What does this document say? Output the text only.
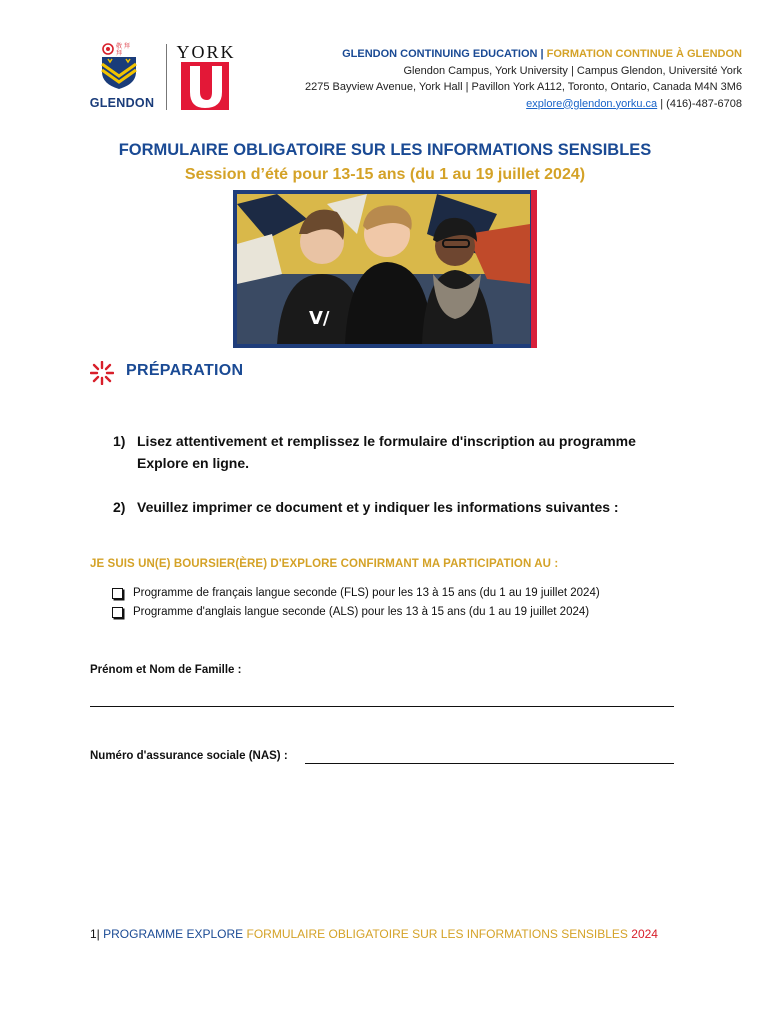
敬 拜
拜
GLENDON
YORK	GLENDON CONTINUING EDUCATION | FORMATION CONTINUE À GLENDON
Glendon Campus, York University | Campus Glendon, Université York
2275 Bayview Avenue, York Hall | Pavillon York A112, Toronto, Ontario, Canada M4N 3M6
explore@glendon.yorku.ca | (416)-487-6708
FORMULAIRE OBLIGATOIRE SUR LES INFORMATIONS SENSIBLES
Session d’été pour 13-15 ans (du 1 au 19 juillet 2024)
V/
PRÉPARATION
1) Lisez attentivement et remplissez le formulaire d'inscription au programme Explore en ligne.
2) Veuillez imprimer ce document et y indiquer les informations suivantes :
JE SUIS UN(E) BOURSIER(ÈRE) D'EXPLORE CONFIRMANT MA PARTICIPATION AU :
Programme de français langue seconde (FLS) pour les 13 à 15 ans (du 1 au 19 juillet 2024)
Programme d'anglais langue seconde (ALS) pour les 13 à 15 ans (du 1 au 19 juillet 2024)
Prénom et Nom de Famille :
Numéro d'assurance sociale (NAS) :
1| PROGRAMME EXPLORE FORMULAIRE OBLIGATOIRE SUR LES INFORMATIONS SENSIBLES 2024
